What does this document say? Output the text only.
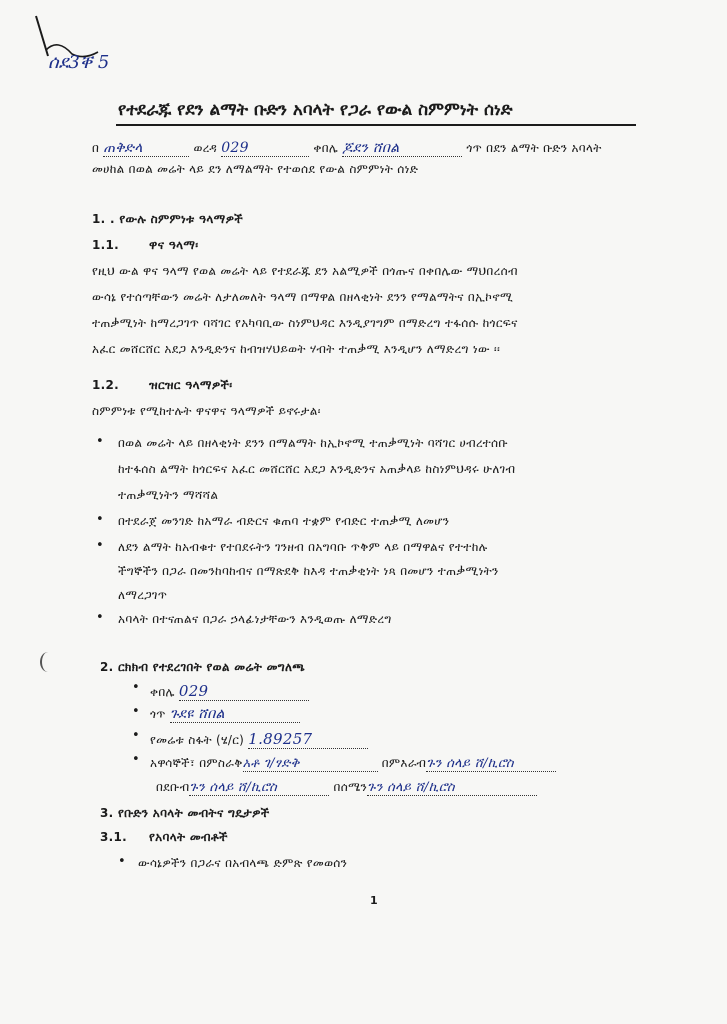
ሰደ3ቐ 5
የተደራጁ የደን ልማት ቡድን አባላት የጋራ የውል ስምምነት ሰነድ
በ ጠቅድላ	ወረዳ 029	ቀበሌ ጆደን ሸበል	ጎጥ በደን ልማት ቡድን አባላት
መሀከል በወል መሬት ላይ ደን ለማልማት የተወሰደ የውል ስምምነት ሰነድ
1. . የውሉ ስምምነቱ ዓላማዎች
1.1.	ዋና ዓላማ፡
የዚህ ውል ዋና ዓላማ የወል መሬት ላይ የተደራጁ ደን አልሚዎች በጎጡና በቀበሌው ማህበረሰብ
ውሳኔ የተሰጣቸውን መሬት ለታለመለት ዓላማ በማዋል በዘላቂነት ደንን የማልማትና በኢኮኖሚ
ተጠቃሚነት ከማረጋገጥ ባሻገር የአካባቢው ስነምህዳር እንዲያገግም በማድረግ ተፋሰሱ ከጎርፍና
አፈር መሸርሸር አደጋ እንዲድንና ከብዝሃህይወት ሃብት ተጠቃሚ እንዲሆን ለማድረግ ነው ፡፡
1.2.	ዝርዝር ዓላማዎች፡
ስምምነቱ የሚከተሉት ዋናዋና ዓላማዎች ይኖሩታል፡
• በወል መሬት ላይ በዘላቂነት ደንን በማልማት ከኢኮኖሚ ተጠቃሚነት ባሻገር ሀብረተሰቡ
ከተፋሰስ ልማት ከጎርፍና አፈር መሸርሸር አደጋ እንዲድንና አጠቃላይ ከስነምህዳሩ ሁለገብ
ተጠቃሚነትን ማሻሻል
• በተደራጀ መንገድ ከአማራ ብድርና ቁጠባ ተቋም የብድር ተጠቃሚ ለመሆን
• ለደን ልማት ከአብቁተ የተበደሩትን ገንዘብ በአግባቡ ጥቅም ላይ በማዋልና የተተከሉ
ችግኞችን በጋራ በመንከባከብና በማጽደቅ ከእዳ ተጠቃቂነት ነጻ በመሆን ተጠቃሚነትን
ለማረጋገጥ
• አባላት በተናጠልና በጋራ ኃላፊነታቸውን እንዲወጡ ለማድረግ
2. ርክክብ የተደረገበት የወል መሬት መግለጫ
• ቀበሌ 029
• ጎጥ ጉደዩ ሸበል
• የመሬቱ ስፋት (ሄ/ር) 1.89257
• አዋሳኞች፣ በምስራቅአቶ ገ/ፃድቅ	በምእራብጉን ሰላይ ሸ/ኪሮስ
በደቡብጉን ሰላይ ሸ/ኪሮስ	በሰሜንጉን ሰላይ ሸ/ኪሮስ
3. የቡድን አባላት መብትና ግዴታዎች
3.1. የአባላት መብቶች
• ውሳኔዎችን በጋራና በአብላጫ ድምጽ የመወሰን
1
